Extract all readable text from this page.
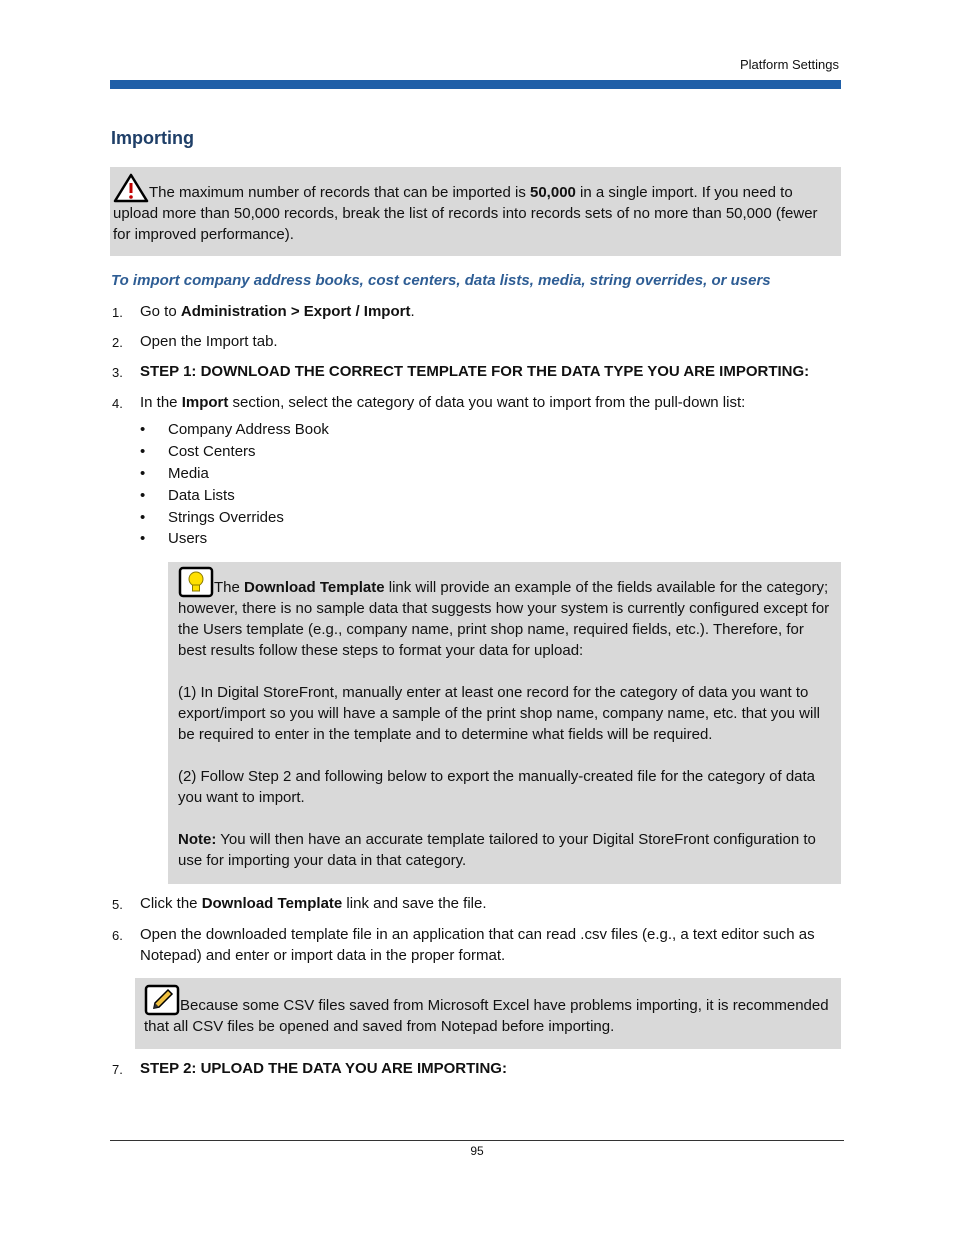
Platform Settings
Importing

The maximum number of records that can be imported is 50,000 in a single import. If you need to upload more than 50,000 records, break the list of records into records sets of no more than 50,000 (fewer for improved performance).

To import company address books, cost centers, data lists, media, string overrides, or users
1. Go to Administration > Export / Import.
2. Open the Import tab.
3. STEP 1: DOWNLOAD THE CORRECT TEMPLATE FOR THE DATA TYPE YOU ARE IMPORTING:
4. In the Import section, select the category of data you want to import from the pull-down list:
• Company Address Book
• Cost Centers
• Media
• Data Lists
• Strings Overrides
• Users

The Download Template link will provide an example of the fields available for the category; however, there is no sample data that suggests how your system is currently configured except for the Users template (e.g., company name, print shop name, required fields, etc.). Therefore, for best results follow these steps to format your data for upload:

(1) In Digital StoreFront, manually enter at least one record for the category of data you want to export/import so you will have a sample of the print shop name, company name, etc. that you will be required to enter in the template and to determine what fields will be required.

(2) Follow Step 2 and following below to export the manually-created file for the category of data you want to import.

Note: You will then have an accurate template tailored to your Digital StoreFront configuration to use for importing your data in that category.

5. Click the Download Template link and save the file.
6. Open the downloaded template file in an application that can read .csv files (e.g., a text editor such as Notepad) and enter or import data in the proper format.

Because some CSV files saved from Microsoft Excel have problems importing, it is recommended that all CSV files be opened and saved from Notepad before importing.

7. STEP 2: UPLOAD THE DATA YOU ARE IMPORTING:
95
